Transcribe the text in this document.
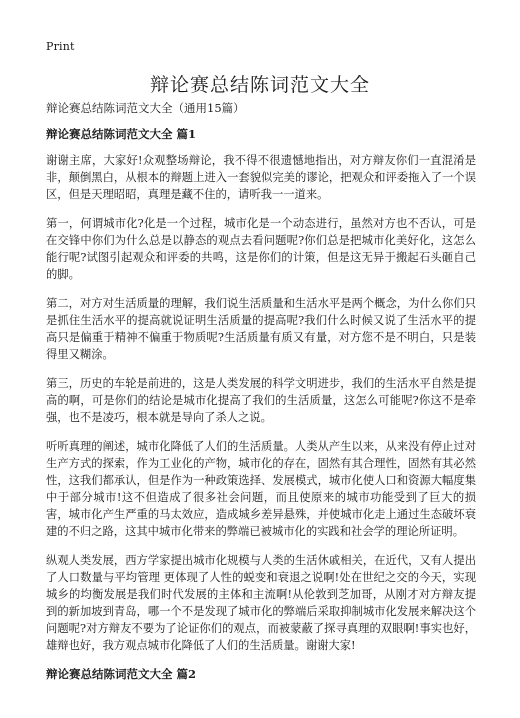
Print
辩论赛总结陈词范文大全

辩论赛总结陈词范文大全（通用15篇）

辩论赛总结陈词范文大全 篇1

谢谢主席，大家好!众观整场辩论，我不得不很遗憾地指出，对方辩友你们一直混淆是非，颠倒黑白，从根本的辩题上进入一套貌似完美的谬论，把观众和评委拖入了一个误区，但是天理昭昭，真理是藏不住的，请听我一一道来。

第一，何谓城市化?化是一个过程，城市化是一个动态进行，虽然对方也不否认，可是在交锋中你们为什么总是以静态的观点去看问题呢?你们总是把城市化美好化，这怎么能行呢?试图引起观众和评委的共鸣，这是你们的计策，但是这无异于搬起石头砸自己的脚。

第二，对方对生活质量的理解，我们说生活质量和生活水平是两个概念，为什么你们只是抓住生活水平的提高就说证明生活质量的提高呢?我们什么时候又说了生活水平的提高只是偏重于精神不偏重于物质呢?生活质量有质又有量，对方您不是不明白，只是装得里又糊涂。

第三，历史的车轮是前进的，这是人类发展的科学文明进步，我们的生活水平自然是提高的啊，可是你们的结论是城市化提高了我们的生活质量，这怎么可能呢?你这不是牵强，也不是凌巧，根本就是导向了杀人之说。

听听真理的阐述，城市化降低了人们的生活质量。人类从产生以来，从来没有停止过对生产方式的探索，作为工业化的产物，城市化的存在，固然有其合理性，固然有其必然性，这我们都承认，但是作为一种政策选择、发展模式，城市化使人口和资源大幅度集中于部分城市!这不但造成了很多社会问题，而且使原来的城市功能受到了巨大的损害，城市化产生严重的马太效应，造成城乡差异悬殊，并使城市化走上通过生态破坏衰建的不归之路，这其中城市化带来的弊端已被城市化的实践和社会学的理论所证明。

纵观人类发展，西方学家提出城市化规模与人类的生活休戚相关，在近代，又有人提出了人口数量与平均管理 更体现了人性的蜕变和衰退之说啊!处在世纪之交的今天，实现城乡的均衡发展是我们时代发展的主体和主流啊!从伦敦到芝加哥，从刚才对方辩友提到的新加坡到青岛，哪一个不是发现了城市化的弊端后采取抑制城市化发展来解决这个问题呢?对方辩友不要为了论证你们的观点，而被蒙蔽了探寻真理的双眼啊!事实也好，雄辩也好，我方观点城市化降低了人们的生活质量。谢谢大家!

辩论赛总结陈词范文大全 篇2
